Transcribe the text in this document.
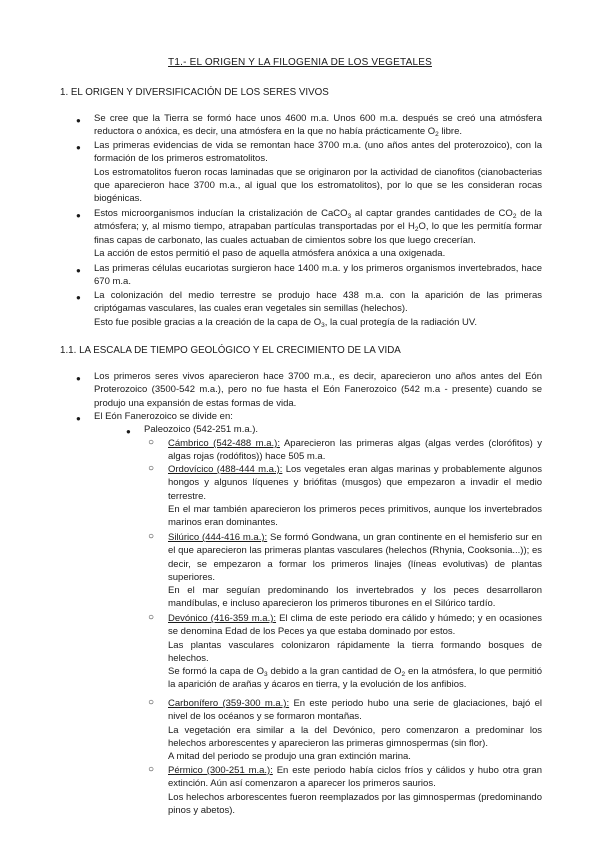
T1.- EL ORIGEN Y LA FILOGENIA DE LOS VEGETALES
1. EL ORIGEN Y DIVERSIFICACIÓN DE LOS SERES VIVOS
● Se cree que la Tierra se formó hace unos 4600 m.a. Unos 600 m.a. después se creó una atmósfera reductora o anóxica, es decir, una atmósfera en la que no había prácticamente $O_2$ libre.
● Las primeras evidencias de vida se remontan hace 3700 m.a. (uno años antes del proterozoico), con la formación de los primeros estromatolitos.
Los estromatolitos fueron rocas laminadas que se originaron por la actividad de cianofitos (cianobacterias que aparecieron hace 3700 m.a., al igual que los estromatolitos), por lo que se les consideran rocas biogénicas.
● Estos microorganismos inducían la cristalización de CaCO$_3$ al captar grandes cantidades de $CO_2$ de la atmósfera; y, al mismo tiempo, atrapaban partículas transportadas por el $H_2O$, lo que les permitía formar finas capas de carbonato, las cuales actuaban de cimientos sobre los que luego crecerían.
La acción de estos permitió el paso de aquella atmósfera anóxica a una oxigenada.
● Las primeras células eucariotas surgieron hace 1400 m.a. y los primeros organismos invertebrados, hace 670 m.a.
● La colonización del medio terrestre se produjo hace 438 m.a. con la aparición de las primeras criptógamas vasculares, las cuales eran vegetales sin semillas (helechos).
Esto fue posible gracias a la creación de la capa de $O_3$, la cual protegía de la radiación UV.
1.1. LA ESCALA DE TIEMPO GEOLÓGICO Y EL CRECIMIENTO DE LA VIDA
● Los primeros seres vivos aparecieron hace 3700 m.a., es decir, aparecieron uno años antes del Eón Proterozoico (3500-542 m.a.), pero no fue hasta el Eón Fanerozoico (542 m.a - presente) cuando se produjo una expansión de estas formas de vida.
● El Eón Fanerozoico se divide en:
● Paleozoico (542-251 m.a.).
○ Cámbrico (542-488 m.a.): Aparecieron las primeras algas (algas verdes (clorófitos) y algas rojas (rodófitos)) hace 505 m.a.
○ Ordovícico (488-444 m.a.): Los vegetales eran algas marinas y probablemente algunos hongos y algunos líquenes y briófitas (musgos) que empezaron a invadir el medio terrestre.
En el mar también aparecieron los primeros peces primitivos, aunque los invertebrados marinos eran dominantes.
○ Silúrico (444-416 m.a.): Se formó Gondwana, un gran continente en el hemisferio sur en el que aparecieron las primeras plantas vasculares (helechos (Rhynia, Cooksonia...)); es decir, se empezaron a formar los primeros linajes (líneas evolutivas) de plantas superiores.
En el mar seguían predominando los invertebrados y los peces desarrollaron mandíbulas, e incluso aparecieron los primeros tiburones en el Silúrico tardío.
○ Devónico (416-359 m.a.): El clima de este periodo era cálido y húmedo; y en ocasiones se denomina Edad de los Peces ya que estaba dominado por estos.
Las plantas vasculares colonizaron rápidamente la tierra formando bosques de helechos.
Se formó la capa de $O_3$ debido a la gran cantidad de $O_2$ en la atmósfera, lo que permitió la aparición de arañas y ácaros en tierra, y la evolución de los anfibios.
○ Carbonífero (359-300 m.a.): En este periodo hubo una serie de glaciaciones, bajó el nivel de los océanos y se formaron montañas.
La vegetación era similar a la del Devónico, pero comenzaron a predominar los helechos arborescentes y aparecieron las primeras gimnospermas (sin flor).
A mitad del periodo se produjo una gran extinción marina.
○ Pérmico (300-251 m.a.): En este periodo había ciclos fríos y cálidos y hubo otra gran extinción. Aún así comenzaron a aparecer los primeros saurios.
Los helechos arborescentes fueron reemplazados por las gimnospermas (predominando pinos y abetos).
